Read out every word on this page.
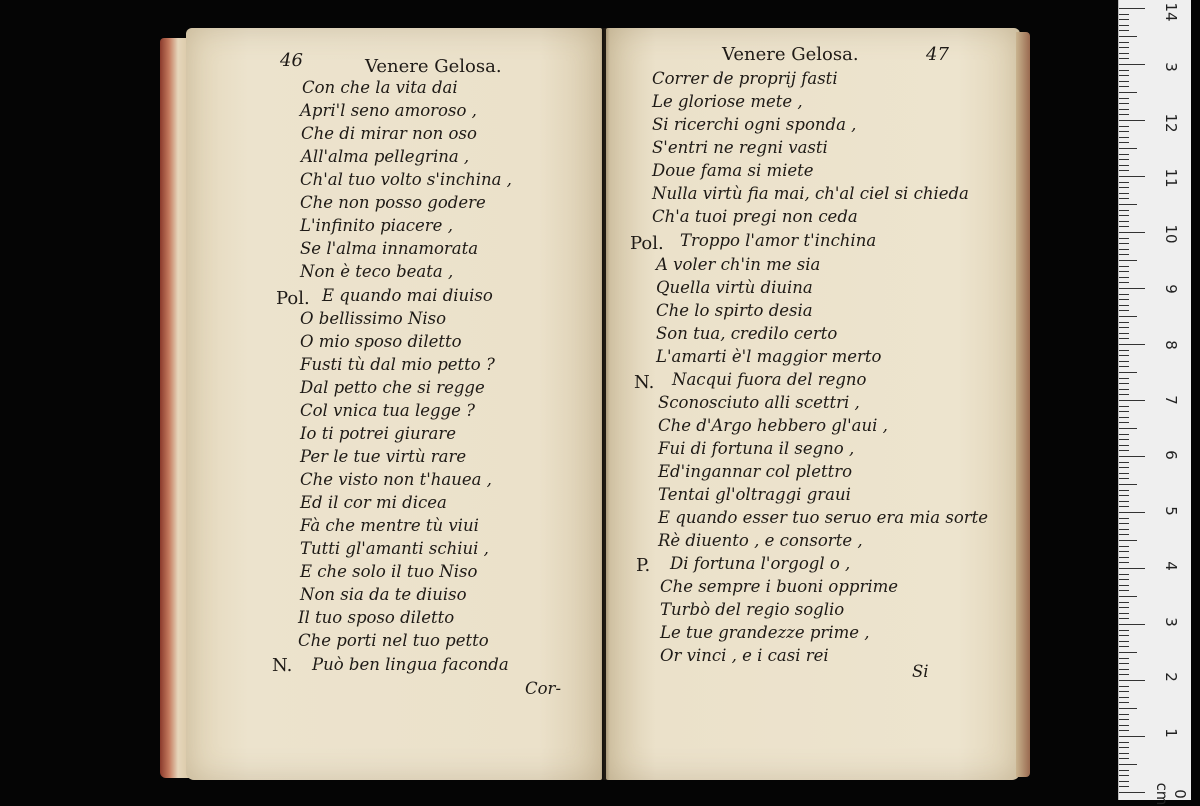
46	Venere Gelosa.
Con che la vita dai
Apri'l seno amoroso ,
Che di mirar non oso
All'alma pellegrina ,
Ch'al tuo volto s'inchina ,
Che non posso godere
L'infinito piacere ,
Se l'alma innamorata
Non è teco beata ,
E quando mai diuiso
O bellissimo Niso
O mio sposo diletto
Fusti tù dal mio petto ?
Dal petto che si regge
Col vnica tua legge ?
Io ti potrei giurare
Per le tue virtù rare
Che visto non t'hauea ,
Ed il cor mi dicea
Fà che mentre tù viui
Tutti gl'amanti schiui ,
E che solo il tuo Niso
Non sia da te diuiso
Il tuo sposo diletto
Che porti nel tuo petto
Può ben lingua faconda
Pol.
N.
Cor-
Venere Gelosa.	47
Correr de proprij fasti
Le gloriose mete ,
Si ricerchi ogni sponda ,
S'entri ne regni vasti
Doue fama si miete
Nulla virtù fia mai, ch'al ciel si chieda
Ch'a tuoi pregi non ceda
Troppo l'amor t'inchina
A voler ch'in me sia
Quella virtù diuina
Che lo spirto desia
Son tua, credilo certo
L'amarti è'l maggior merto
Nacqui fuora del regno
Sconosciuto alli scettri ,
Che d'Argo hebbero gl'aui ,
Fui di fortuna il segno ,
Ed'ingannar col plettro
Tentai gl'oltraggi graui
E quando esser tuo seruo era mia sorte
Rè diuento , e consorte ,
Di fortuna l'orgogl o ,
Che sempre i buoni opprime
Turbò del regio soglio
Le tue grandezze prime ,
Or vinci , e i casi rei
Pol.
N.
P.
Si
14
3
12
11
10
9
8
7
6
5
4
3
2
1
0 cm
